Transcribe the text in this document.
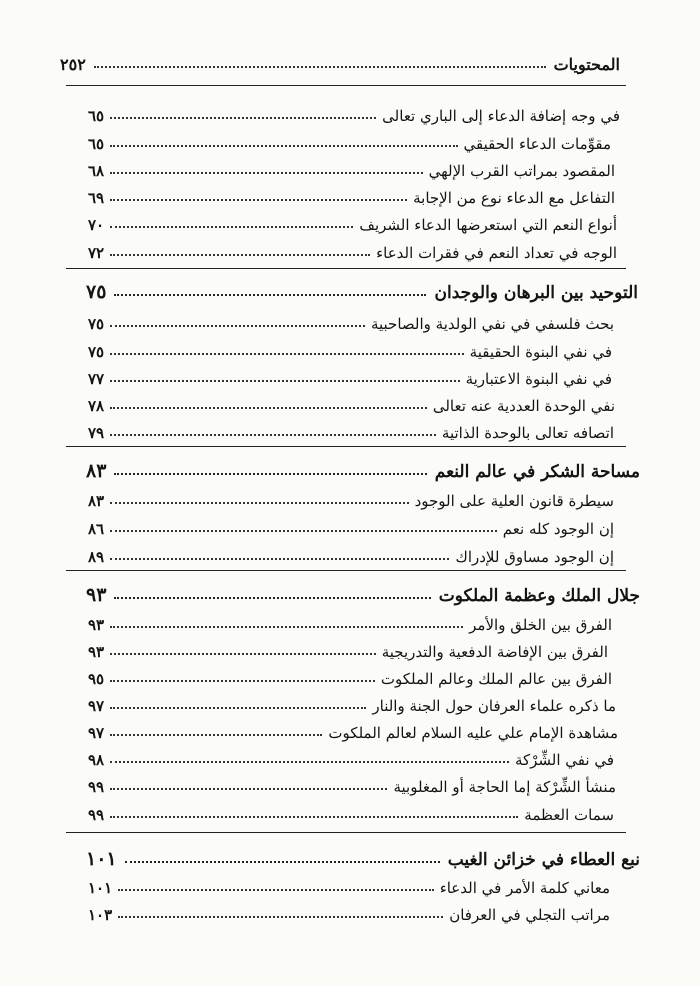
المحتويات
٢٥٢
في وجه إضافة الدعاء إلى الباري تعالى
٦٥
مقوِّمات الدعاء الحقيقي
٦٥
المقصود بمراتب القرب الإلهي
٦٨
التفاعل مع الدعاء نوع من الإجابة
٦٩
أنواع النعم التي استعرضها الدعاء الشريف
٧٠
الوجه في تعداد النعم في فقرات الدعاء
٧٢
التوحيد بين البرهان والوجدان
٧٥
بحث فلسفي في نفي الولدية والصاحبية
٧٥
في نفي البنوة الحقيقية
٧٥
في نفي البنوة الاعتبارية
٧٧
نفي الوحدة العددية عنه تعالى
٧٨
اتصافه تعالى بالوحدة الذاتية
٧٩
مساحة الشكر في عالم النعم
٨٣
سيطرة قانون العلية على الوجود
٨٣
إن الوجود كله نعم
٨٦
إن الوجود مساوق للإدراك
٨٩
جلال الملك وعظمة الملكوت
٩٣
الفرق بين الخلق والأمر
٩٣
الفرق بين الإفاضة الدفعية والتدريجية
٩٣
الفرق بين عالم الملك وعالم الملكوت
٩٥
ما ذكره علماء العرفان حول الجنة والنار
٩٧
مشاهدة الإمام علي عليه السلام لعالم الملكوت
٩٧
في نفي الشِّرْكة
٩٨
منشأ الشِّرْكة إما الحاجة أو المغلوبية
٩٩
سمات العظمة
٩٩
نبع العطاء في خزائن الغيب
١٠١
معاني كلمة الأمر في الدعاء
١٠١
مراتب التجلي في العرفان
١٠٣
